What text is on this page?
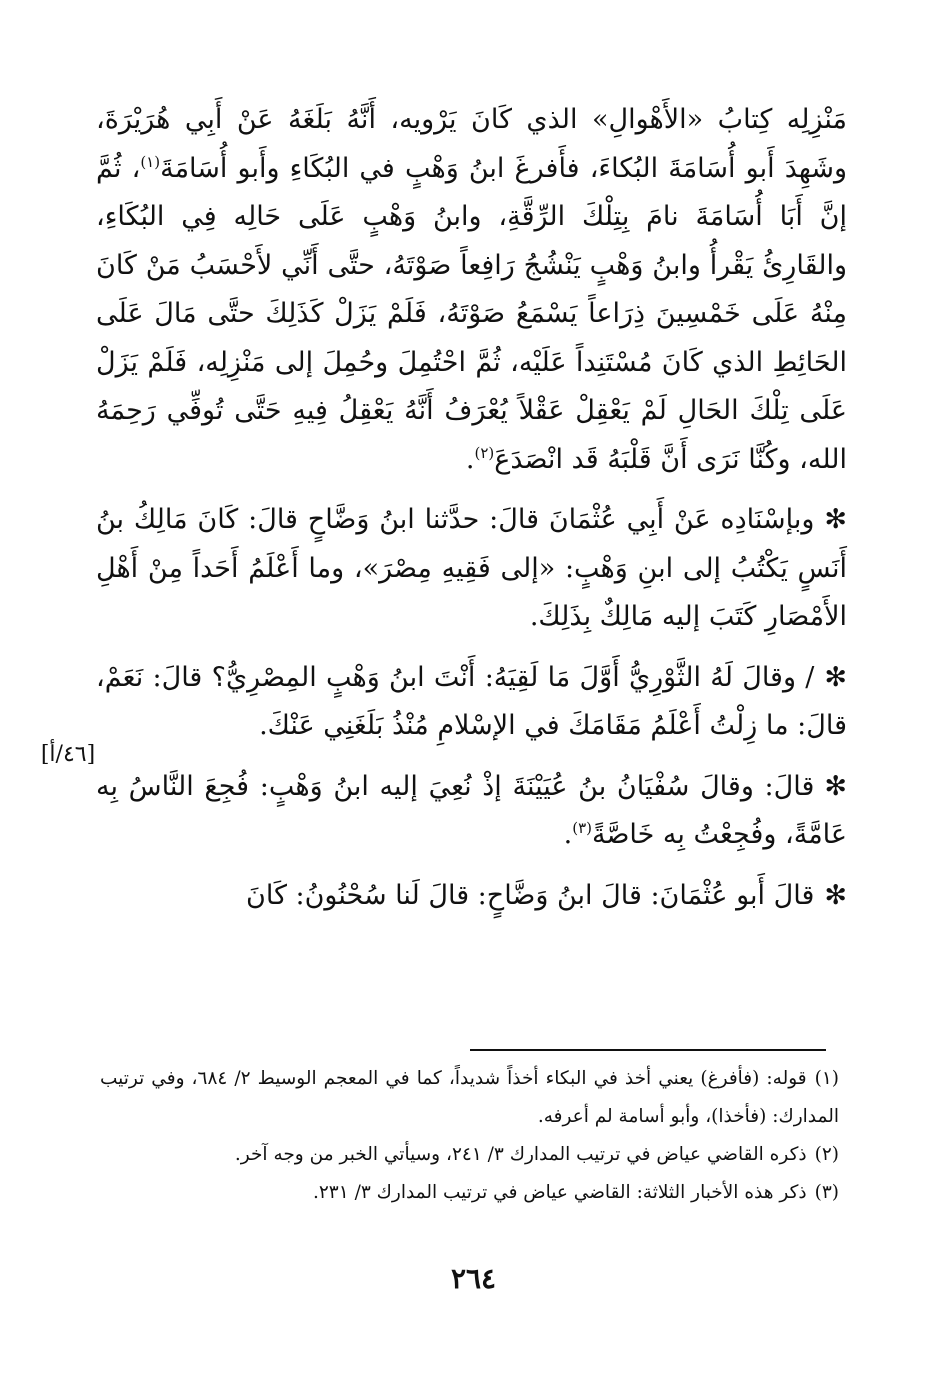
مَنْزِلِه كِتابُ «الأَهْوالِ» الذي كَانَ يَرْويه، أَنَّهُ بَلَغَهُ عَنْ أَبِي هُرَيْرَةَ، وشَهِدَ أَبو أُسَامَةَ البُكاءَ، فأَفرغَ ابنُ وَهْبٍ في البُكَاءِ وأَبو أُسَامَةَ$^{(١)}$، ثُمَّ إنَّ أَبَا أُسَامَةَ نامَ بِتِلْكَ الرِّقَّةِ، وابنُ وَهْبٍ عَلَى حَالِه فِي البُكَاءِ، والقَارِئُ يَقْرأُ وابنُ وَهْبٍ يَنْشُجُ رَافِعاً صَوْتَهُ، حتَّى أَنِّي لأَحْسَبُ مَنْ كَانَ مِنْهُ عَلَى خَمْسِينَ ذِرَاعاً يَسْمَعُ صَوْتَهُ، فَلَمْ يَزَلْ كَذَلِكَ حتَّى مَالَ عَلَى الحَائِطِ الذي كَانَ مُسْتَنِداً عَلَيْه، ثُمَّ احْتُمِلَ وحُمِلَ إلى مَنْزِلِه، فَلَمْ يَزَلْ عَلَى تِلْكَ الحَالِ لَمْ يَعْقِلْ عَقْلاً يُعْرَفُ أَنَّهُ يَعْقِلُ فِيهِ حَتَّى تُوفِّي رَحِمَهُ الله، وكُنَّا نَرَى أَنَّ قَلْبَهُ قَد انْصَدَعَ$^{(٢)}$.

✻وبإسْنَادِه عَنْ أَبِي عُثْمَانَ قالَ: حدَّثنا ابنُ وَضَّاحٍ قالَ: كَانَ مَالِكُ بنُ أَنَسٍ يَكْتُبُ إلى ابنِ وَهْبٍ: «إلى فَقِيهِ مِصْرَ»، وما أَعْلَمُ أَحَداً مِنْ أَهْلِ الأَمْصَارِ كَتَبَ إليه مَالِكٌ بِذَلِكَ.

✻/ وقالَ لَهُ الثَّوْرِيُّ أَوَّلَ مَا لَقِيَهُ: أَنْتَ ابنُ وَهْبٍ المِصْرِيُّ؟ قالَ: نَعَمْ، قالَ: ما زِلْتُ أَعْلَمُ مَقَامَكَ في الإسْلامِ مُنْذُ بَلَغَنِي عَنْكَ.

✻قالَ: وقالَ سُفْيَانُ بنُ عُيَيْنَةَ إذْ نُعِيَ إليه ابنُ وَهْبٍ: فُجِعَ النَّاسُ بِه عَامَّةً، وفُجِعْتُ بِه خَاصَّةً$^{(٣)}$.

✻قالَ أَبو عُثْمَانَ: قالَ ابنُ وَضَّاحٍ: قالَ لَنا سُحْنُونُ: كَانَ

[٤٦/أ]

(١)قوله: (فأفرغ) يعني أخذ في البكاء أخذاً شديداً، كما في المعجم الوسيط ٢/ ٦٨٤، وفي ترتيب المدارك: (فأخذا)، وأبو أسامة لم أعرفه.

(٢)ذكره القاضي عياض في ترتيب المدارك ٣/ ٢٤١، وسيأتي الخبر من وجه آخر.

(٣)ذكر هذه الأخبار الثلاثة: القاضي عياض في ترتيب المدارك ٣/ ٢٣١.

٢٦٤
